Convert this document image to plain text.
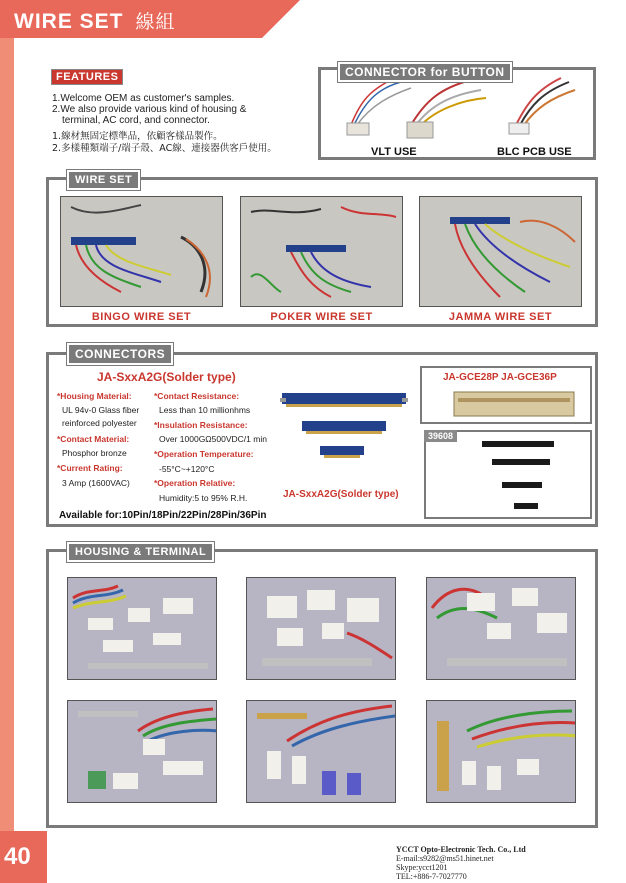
WIRE SET 線組
40
FEATURES
1.Welcome OEM as customer's samples.
2.We also provide various kind of housing &
terminal, AC cord, and connector.
1.線材無固定標準品，依顧客樣品製作。
2.多樣種類端子/端子殼、AC線、連接器供客戶使用。
CONNECTOR for BUTTON
VLT USE	BLC PCB USE
WIRE SET
BINGO WIRE SET	POKER WIRE SET	JAMMA WIRE SET
CONNECTORS
JA-SxxA2G(Solder type)
*Housing Material:
UL 94v-0 Glass fiber
reinforced polyester
*Contact Material:
Phosphor bronze
*Current Rating:
3 Amp (1600VAC)
*Contact Resistance:
Less than 10 millionhms
*Insulation Resistance:
Over 1000GΩ500VDC/1 min
*Operation Temperature:
-55°C~+120°C
*Operation Relative:
Humidity:5 to 95% R.H.
Available for:10Pin/18Pin/22Pin/28Pin/36Pin
JA-SxxA2G(Solder type)
JA-GCE28P JA-GCE36P
39608
HOUSING & TERMINAL
YCCT Opto-Electronic Tech. Co., Ltd
E-mail:s9282@ms51.hinet.net
Skype:ycct1201
TEL:+886-7-7027770
